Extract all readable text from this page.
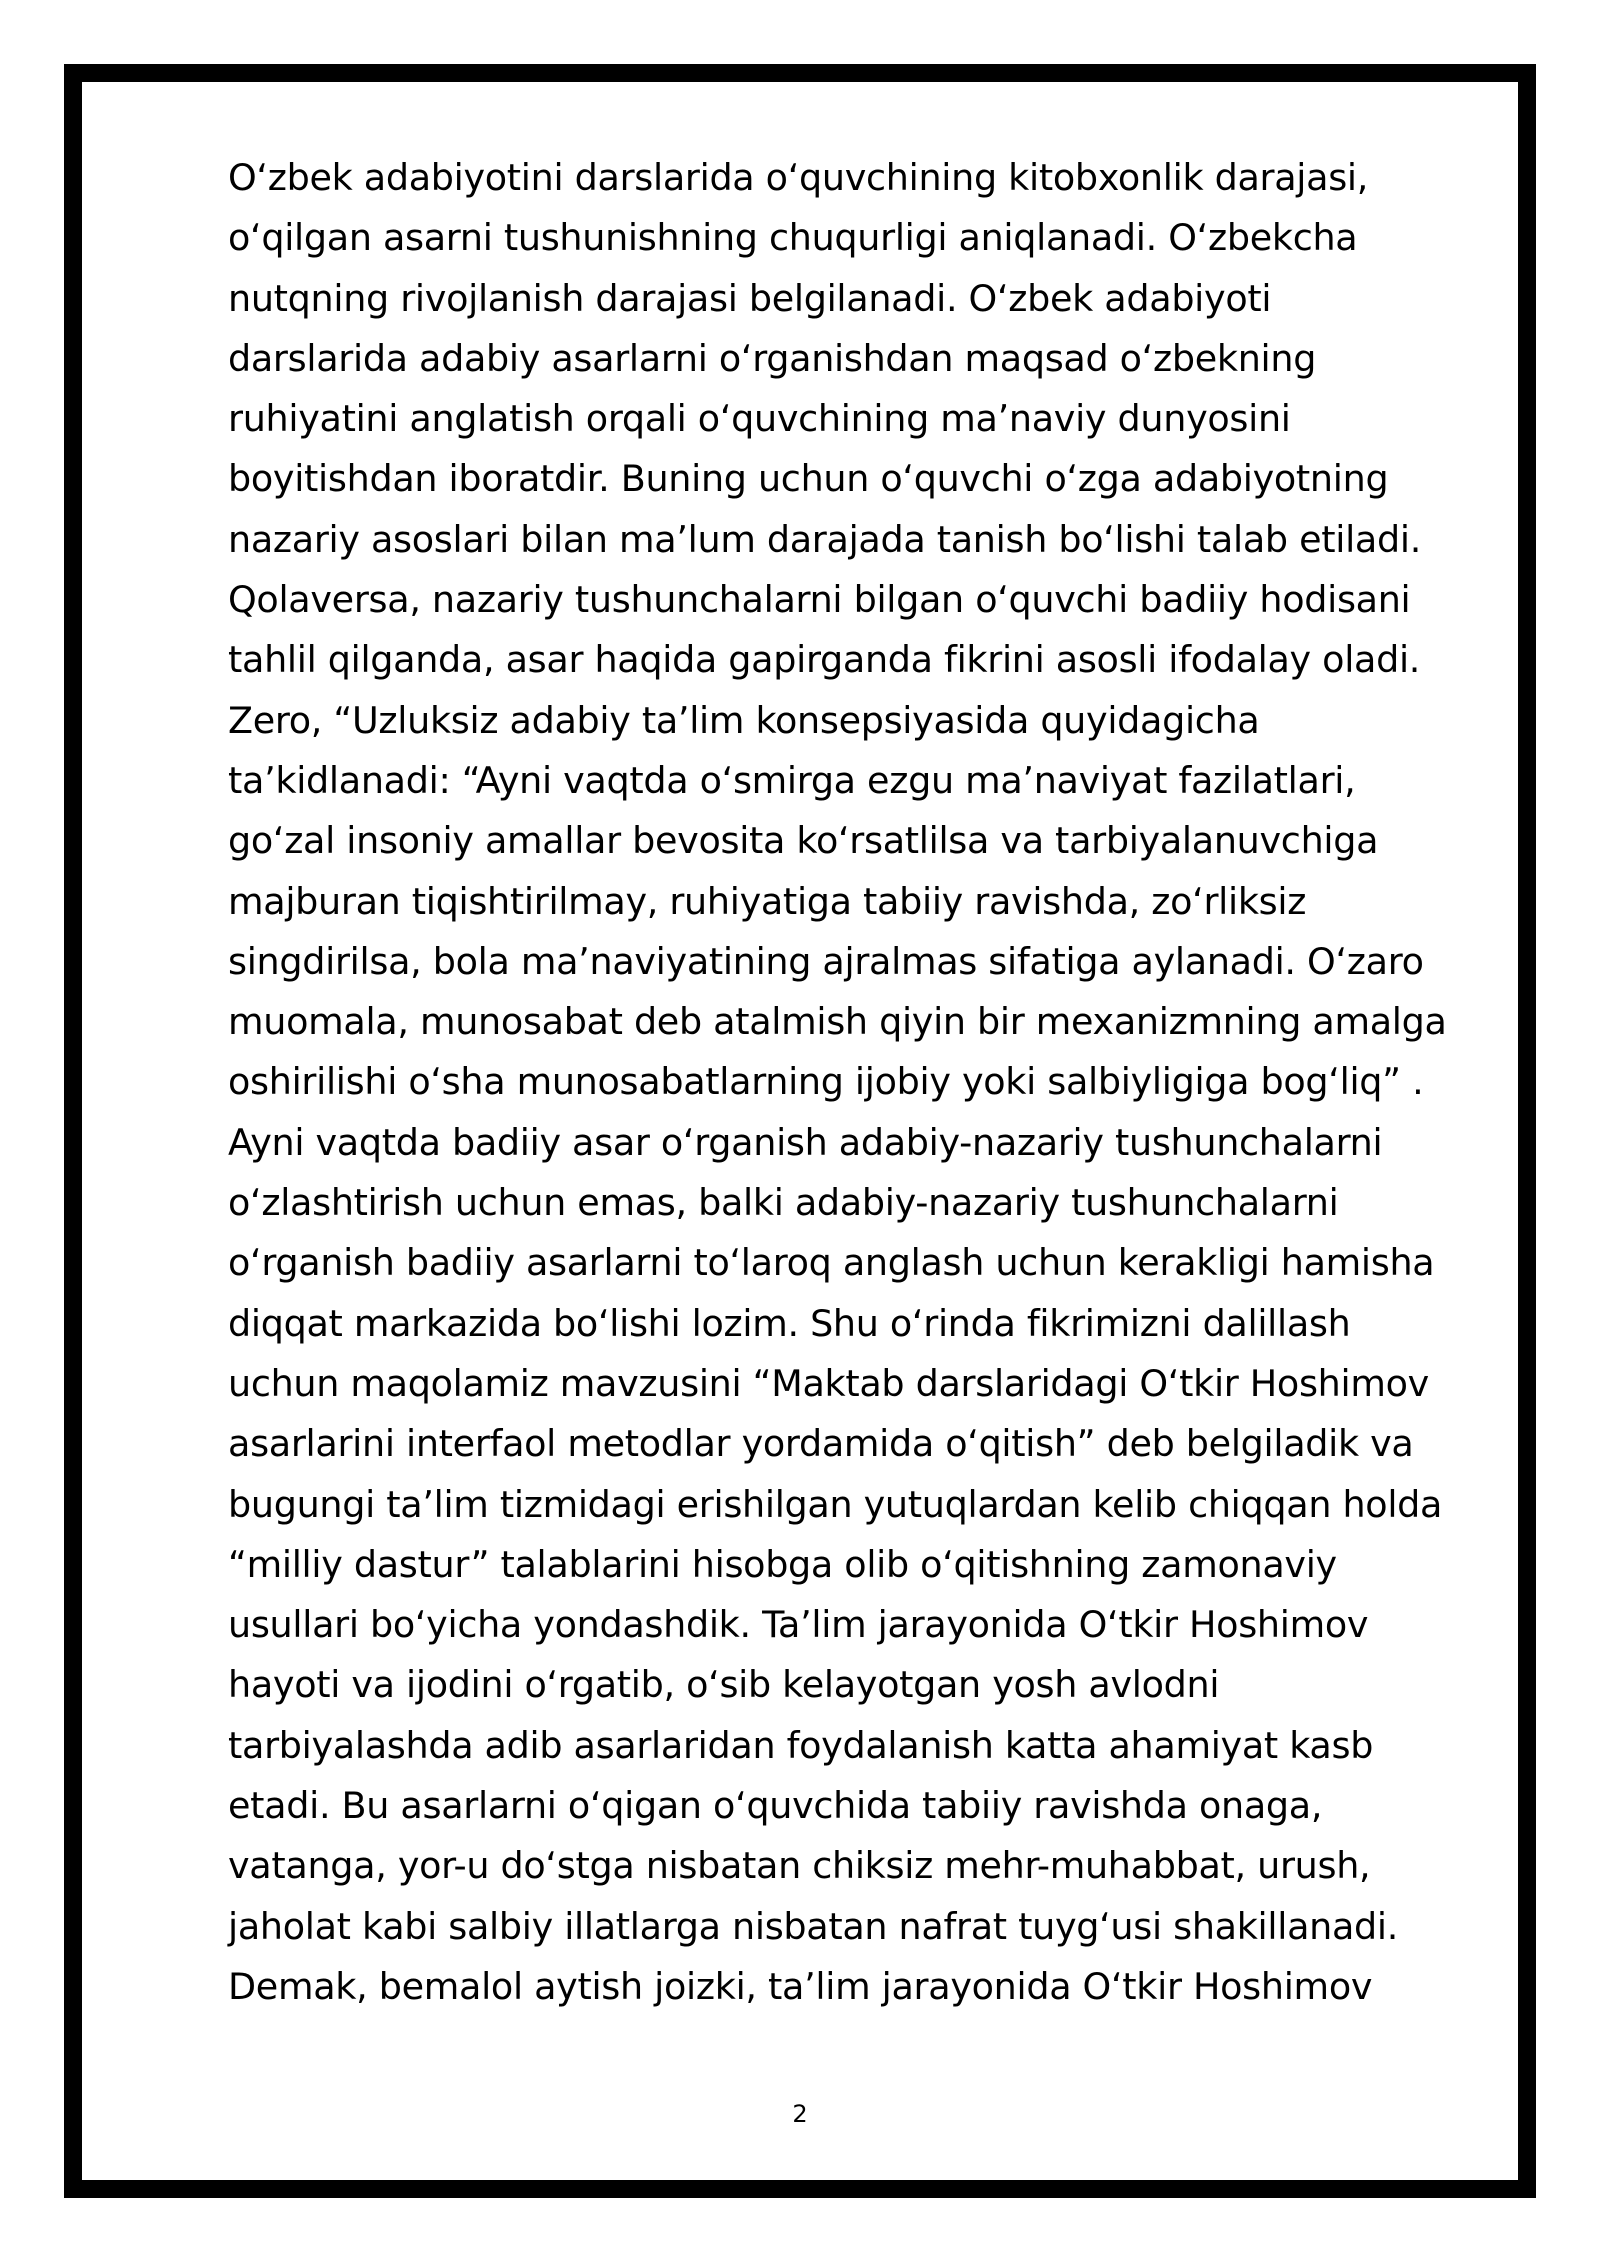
O‘zbek adabiyotini darslarida o‘quvchining kitobxonlik darajasi,
o‘qilgan asarni tushunishning chuqurligi aniqlanadi. O‘zbekcha
nutqning rivojlanish darajasi belgilanadi. O‘zbek adabiyoti
darslarida adabiy asarlarni o‘rganishdan maqsad o‘zbekning
ruhiyatini anglatish orqali o‘quvchining ma’naviy dunyosini
boyitishdan iboratdir. Buning uchun o‘quvchi o‘zga adabiyotning
nazariy asoslari bilan ma’lum darajada tanish bo‘lishi talab etiladi.
Qolaversa, nazariy tushunchalarni bilgan o‘quvchi badiiy hodisani
tahlil qilganda, asar haqida gapirganda fikrini asosli ifodalay oladi.
Zero, “Uzluksiz adabiy ta’lim konsepsiyasida quyidagicha
ta’kidlanadi: “Ayni vaqtda o‘smirga ezgu ma’naviyat fazilatlari,
go‘zal insoniy amallar bevosita ko‘rsatlilsa va tarbiyalanuvchiga
majburan tiqishtirilmay, ruhiyatiga tabiiy ravishda, zo‘rliksiz
singdirilsa, bola ma’naviyatining ajralmas sifatiga aylanadi. O‘zaro
muomala, munosabat deb atalmish qiyin bir mexanizmning amalga
oshirilishi o‘sha munosabatlarning ijobiy yoki salbiyligiga bog‘liq” .
Ayni vaqtda badiiy asar o‘rganish adabiy-nazariy tushunchalarni
o‘zlashtirish uchun emas, balki adabiy-nazariy tushunchalarni
o‘rganish badiiy asarlarni to‘laroq anglash uchun kerakligi hamisha
diqqat markazida bo‘lishi lozim. Shu o‘rinda fikrimizni dalillash
uchun maqolamiz mavzusini “Maktab darslaridagi O‘tkir Hoshimov
asarlarini interfaol metodlar yordamida o‘qitish” deb belgiladik va
bugungi ta’lim tizmidagi erishilgan yutuqlardan kelib chiqqan holda
“milliy dastur” talablarini hisobga olib o‘qitishning zamonaviy
usullari bo‘yicha yondashdik. Ta’lim jarayonida O‘tkir Hoshimov
hayoti va ijodini o‘rgatib, o‘sib kelayotgan yosh avlodni
tarbiyalashda adib asarlaridan foydalanish katta ahamiyat kasb
etadi. Bu asarlarni o‘qigan o‘quvchida tabiiy ravishda onaga,
vatanga, yor-u do‘stga nisbatan chiksiz mehr-muhabbat, urush,
jaholat kabi salbiy illatlarga nisbatan nafrat tuyg‘usi shakillanadi.
Demak, bemalol aytish joizki, ta’lim jarayonida O‘tkir Hoshimov
2
